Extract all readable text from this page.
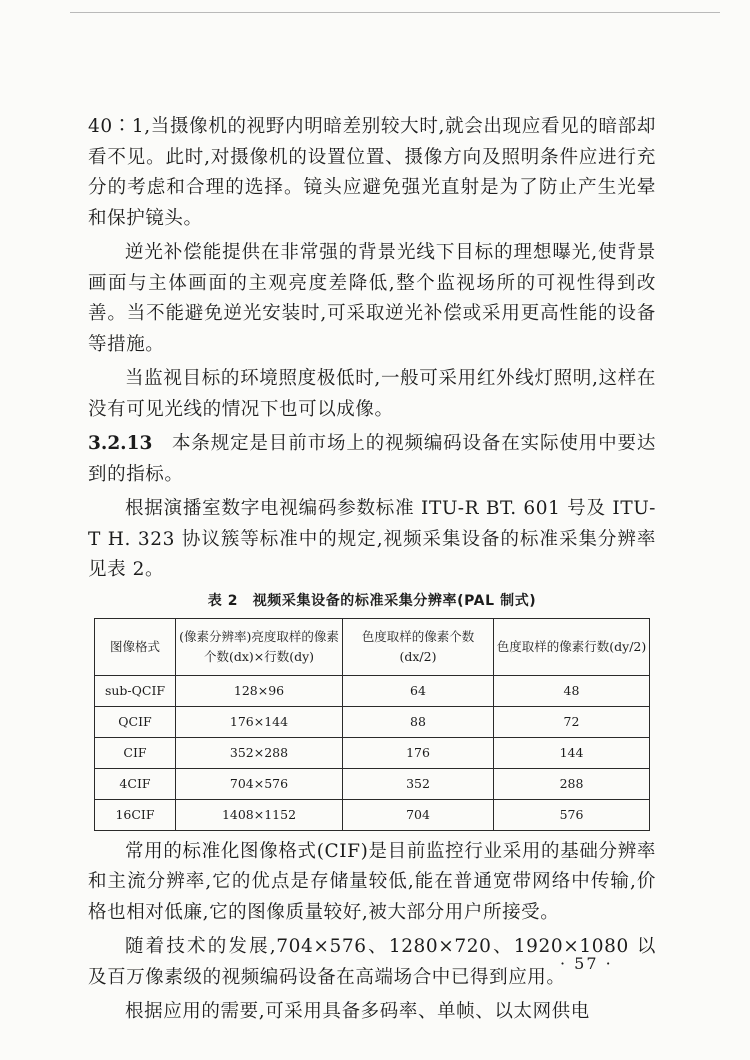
40∶1,当摄像机的视野内明暗差别较大时,就会出现应看见的暗部却看不见。此时,对摄像机的设置位置、摄像方向及照明条件应进行充分的考虑和合理的选择。镜头应避免强光直射是为了防止产生光晕和保护镜头。

逆光补偿能提供在非常强的背景光线下目标的理想曝光,使背景画面与主体画面的主观亮度差降低,整个监视场所的可视性得到改善。当不能避免逆光安装时,可采取逆光补偿或采用更高性能的设备等措施。

当监视目标的环境照度极低时,一般可采用红外线灯照明,这样在没有可见光线的情况下也可以成像。

3.2.13　 本条规定是目前市场上的视频编码设备在实际使用中要达到的指标。

根据演播室数字电视编码参数标准 ITU-R BT. 601 号及 ITU-T H. 323 协议簇等标准中的规定,视频采集设备的标准采集分辨率见表 2。

表 2　视频采集设备的标准采集分辨率(PAL 制式)
图像格式	(像素分辨率)亮度取样的像素个数(dx)×行数(dy)	色度取样的像素个数(dx/2)	色度取样的像素行数(dy/2)
sub-QCIF	128×96	64	48
QCIF	176×144	88	72
CIF	352×288	176	144
4CIF	704×576	352	288
16CIF	1408×1152	704	576

常用的标准化图像格式(CIF)是目前监控行业采用的基础分辨率和主流分辨率,它的优点是存储量较低,能在普通宽带网络中传输,价格也相对低廉,它的图像质量较好,被大部分用户所接受。

随着技术的发展,704×576、1280×720、1920×1080 以及百万像素级的视频编码设备在高端场合中已得到应用。

根据应用的需要,可采用具备多码率、单帧、以太网供电

· 57 ·
